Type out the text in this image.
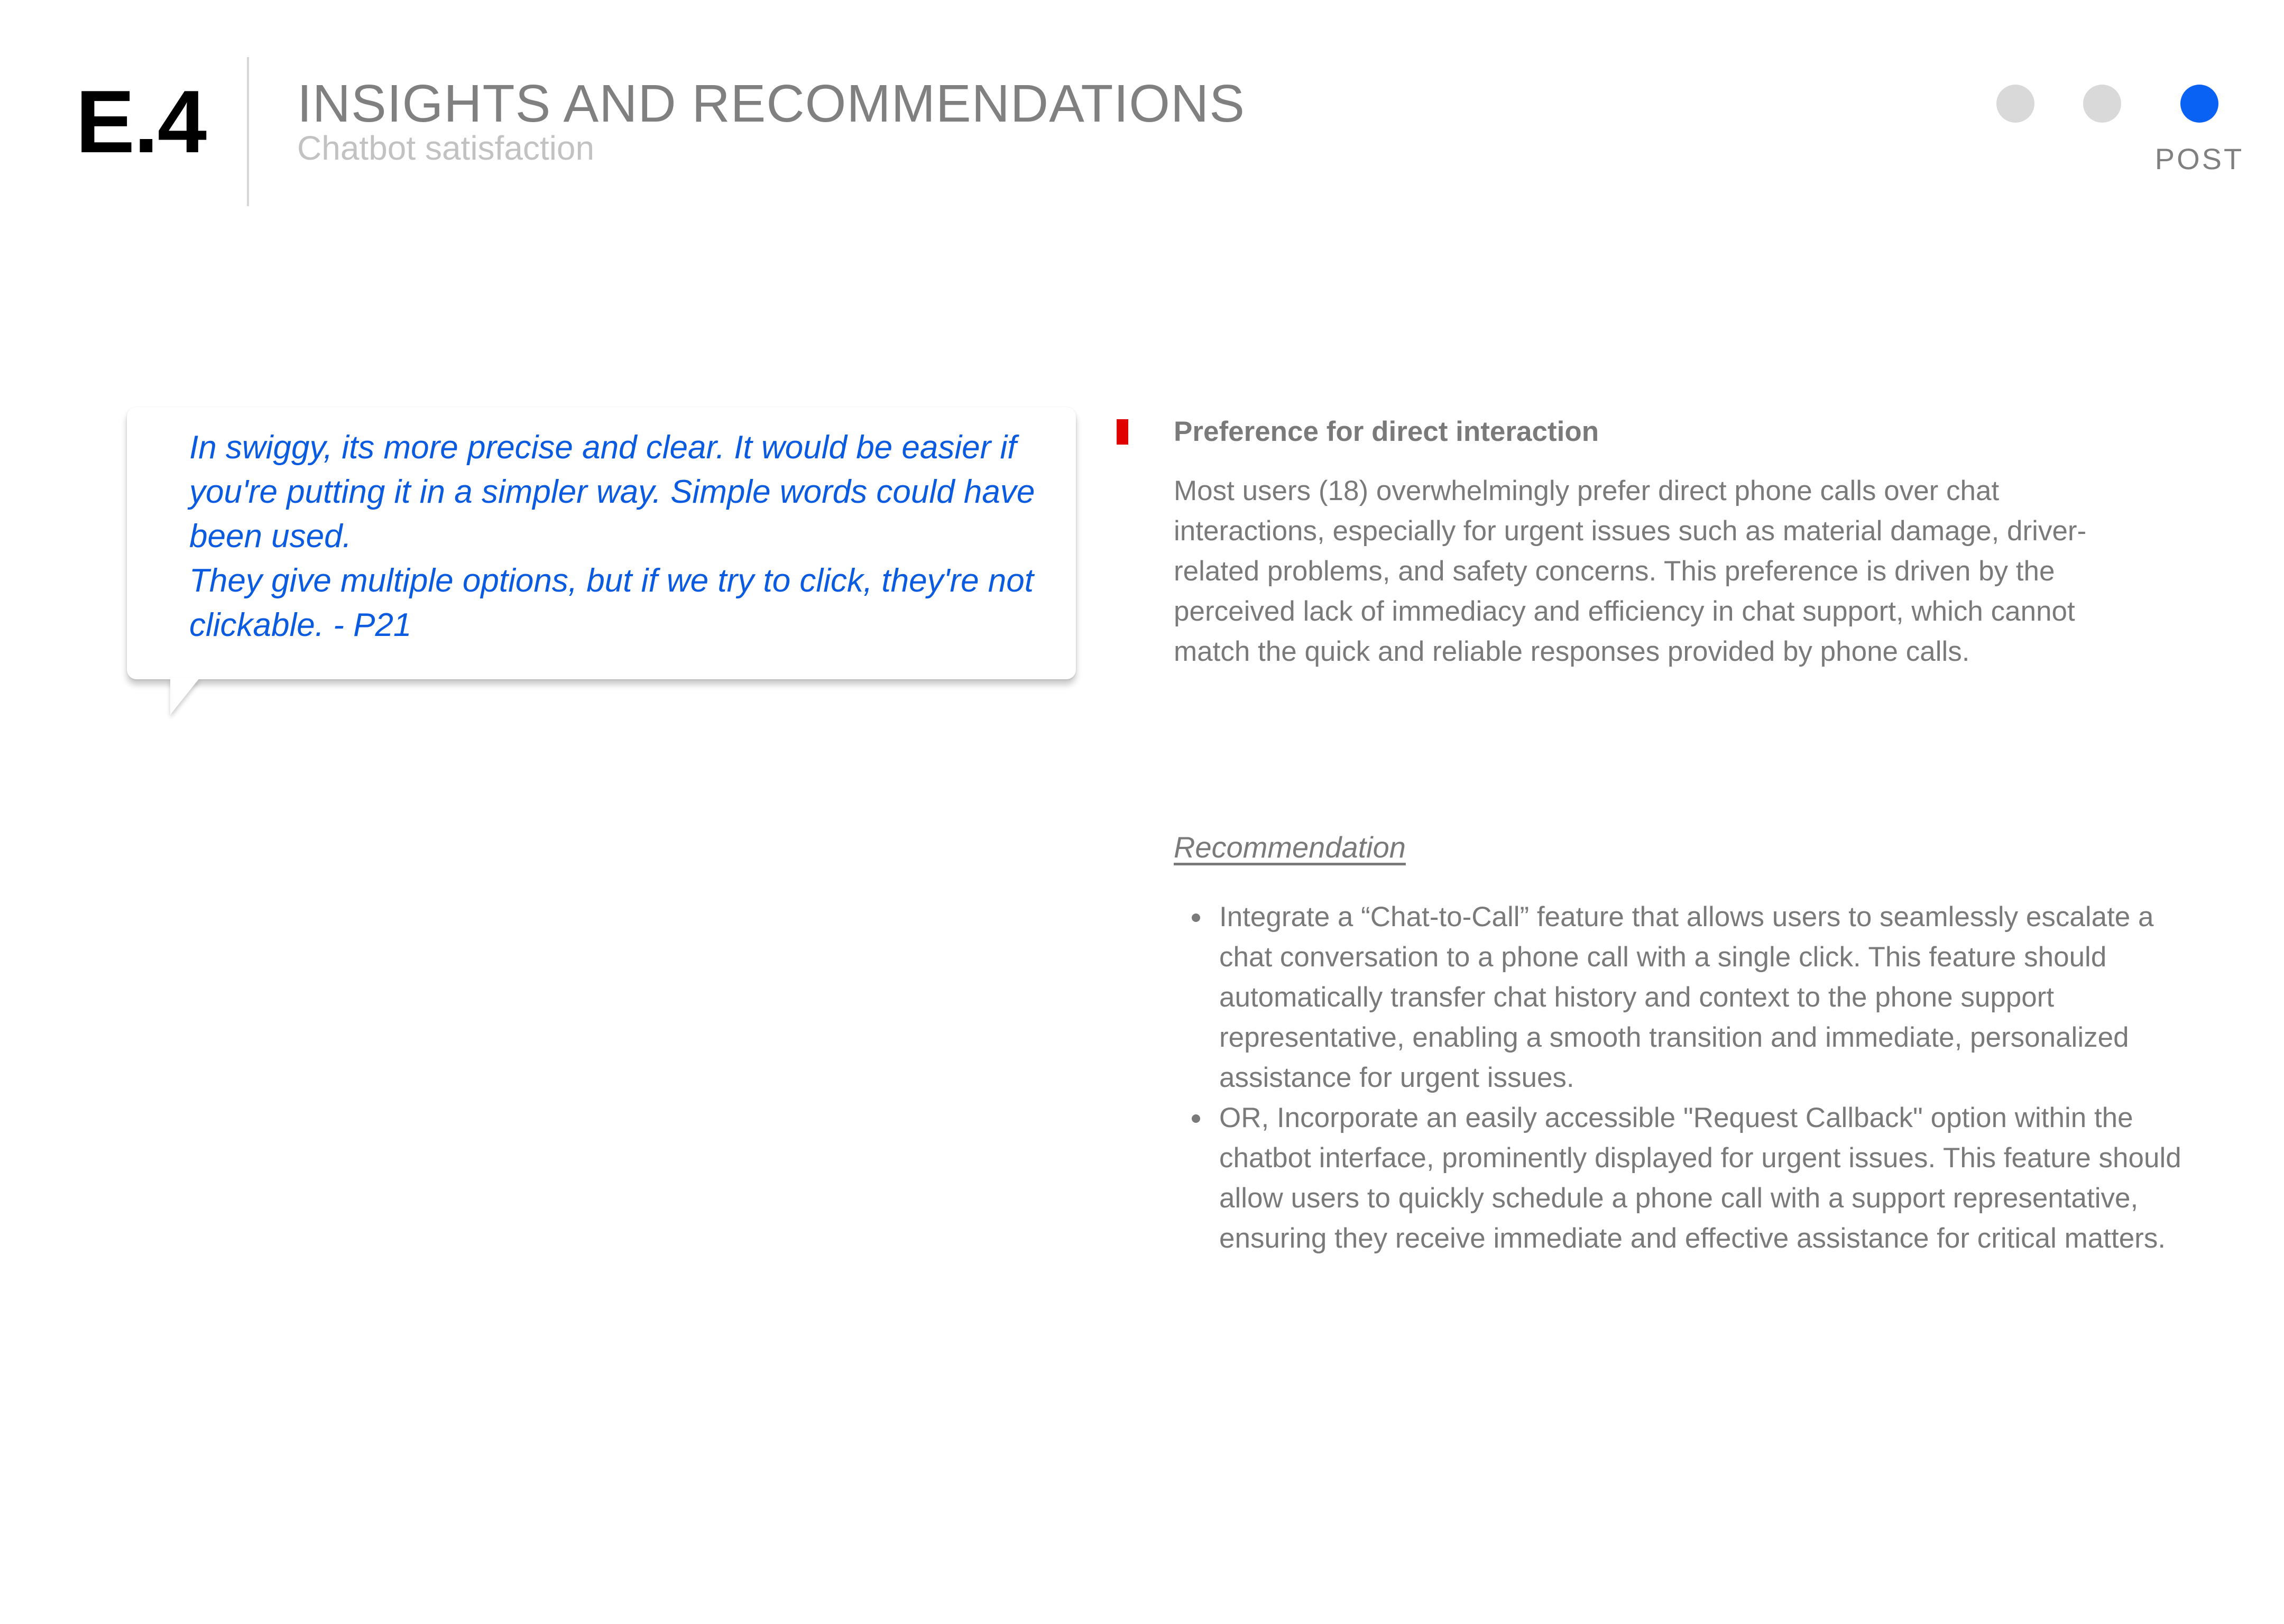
E.4 INSIGHTS AND RECOMMENDATIONS
Chatbot satisfaction	POST
In swiggy, its more precise and clear. It would be easier if you're putting it in a simpler way. Simple words could have been used.
They give multiple options, but if we try to click, they're not clickable. - P21
Preference for direct interaction
Most users (18) overwhelmingly prefer direct phone calls over chat interactions, especially for urgent issues such as material damage, driver-related problems, and safety concerns. This preference is driven by the perceived lack of immediacy and efficiency in chat support, which cannot match the quick and reliable responses provided by phone calls.
Recommendation
Integrate a “Chat-to-Call” feature that allows users to seamlessly escalate a chat conversation to a phone call with a single click. This feature should automatically transfer chat history and context to the phone support representative, enabling a smooth transition and immediate, personalized assistance for urgent issues.
OR, Incorporate an easily accessible "Request Callback" option within the chatbot interface, prominently displayed for urgent issues. This feature should allow users to quickly schedule a phone call with a support representative, ensuring they receive immediate and effective assistance for critical matters.
